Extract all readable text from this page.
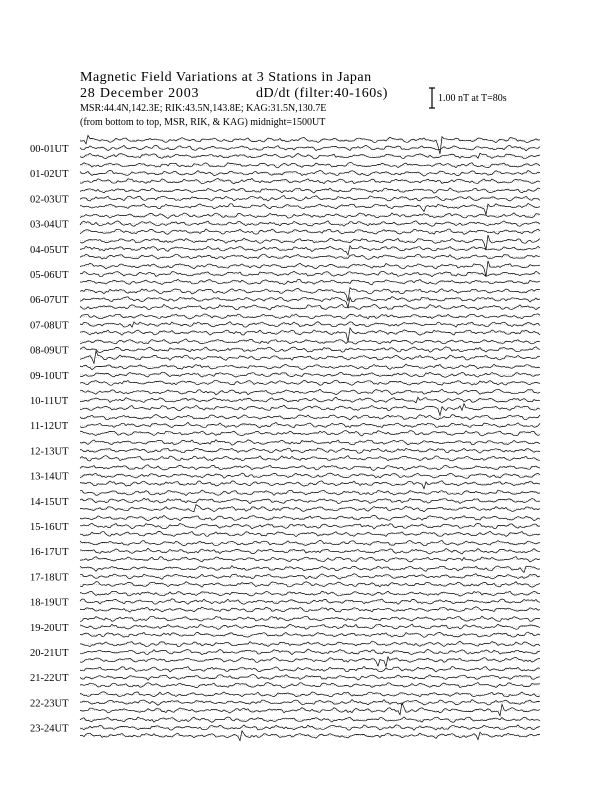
Magnetic Field Variations at 3 Stations in Japan
28 December 2003	dD/dt (filter:40-160s)
MSR:44.4N,142.3E; RIK:43.5N,143.8E; KAG:31.5N,130.7E
(from bottom to top, MSR, RIK, & KAG) midnight=1500UT
1.00 nT at T=80s
00-01UT
01-02UT
02-03UT
03-04UT
04-05UT
05-06UT
06-07UT
07-08UT
08-09UT
09-10UT
10-11UT
11-12UT
12-13UT
13-14UT
14-15UT
15-16UT
16-17UT
17-18UT
18-19UT
19-20UT
20-21UT
21-22UT
22-23UT
23-24UT
